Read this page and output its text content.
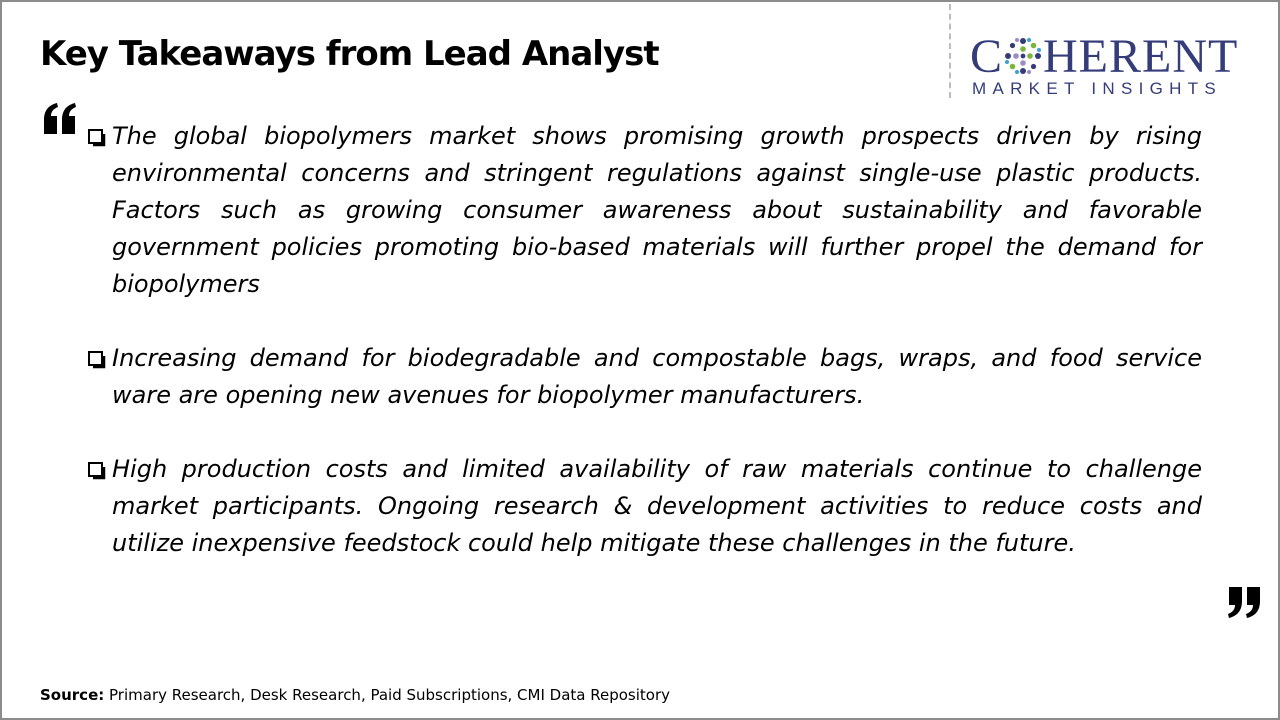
Key Takeaways from Lead Analyst	C HERENT
MARKET INSIGHTS
The global biopolymers market shows promising growth prospects driven by rising environmental concerns and stringent regulations against single-use plastic products. Factors such as growing consumer awareness about sustainability and favorable government policies promoting bio-based materials will further propel the demand for biopolymers
Increasing demand for biodegradable and compostable bags, wraps, and food service ware are opening new avenues for biopolymer manufacturers.
High production costs and limited availability of raw materials continue to challenge market participants. Ongoing research & development activities to reduce costs and utilize inexpensive feedstock could help mitigate these challenges in the future.
Source: Primary Research, Desk Research, Paid Subscriptions, CMI Data Repository
